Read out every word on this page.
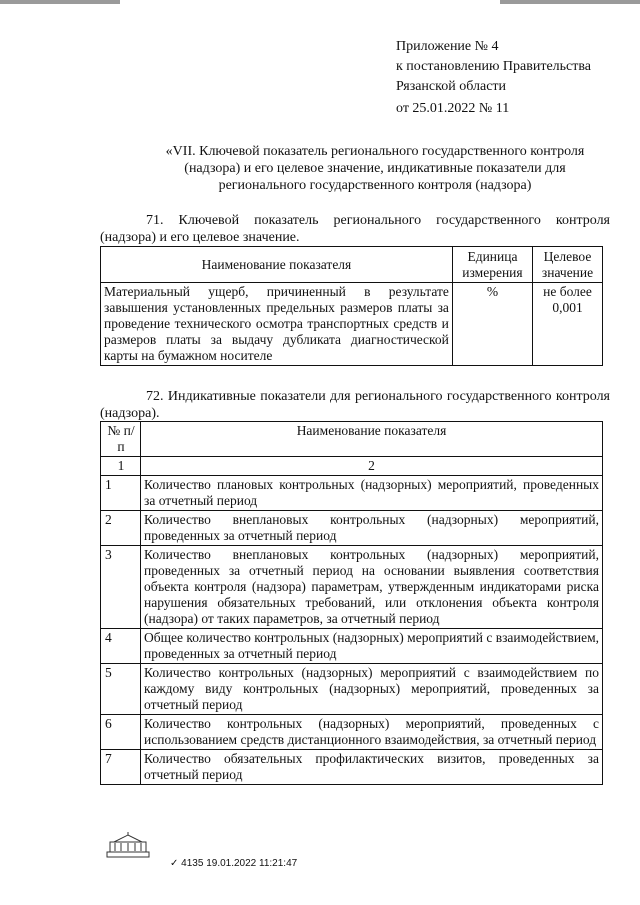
Приложение № 4
к постановлению Правительства
Рязанской области
от 25.01.2022 № 11
«VII. Ключевой показатель регионального государственного контроля (надзора) и его целевое значение, индикативные показатели для регионального государственного контроля (надзора)
71. Ключевой показатель регионального государственного контроля (надзора) и его целевое значение.
Наименование показателя	Единица измерения	Целевое значение
Материальный ущерб, причиненный в результате завышения установленных предельных размеров платы за проведение технического осмотра транспортных средств и размеров платы за выдачу дубликата диагностической карты на бумажном носителе	%	не более 0,001
72. Индикативные показатели для регионального государственного контроля (надзора).
№ п/п	Наименование показателя
1	2
1	Количество плановых контрольных (надзорных) мероприятий, проведенных за отчетный период
2	Количество внеплановых контрольных (надзорных) мероприятий, проведенных за отчетный период
3	Количество внеплановых контрольных (надзорных) мероприятий, проведенных за отчетный период на основании выявления соответствия объекта контроля (надзора) параметрам, утвержденным индикаторами риска нарушения обязательных требований, или отклонения объекта контроля (надзора) от таких параметров, за отчетный период
4	Общее количество контрольных (надзорных) мероприятий с взаимодействием, проведенных за отчетный период
5	Количество контрольных (надзорных) мероприятий с взаимодействием по каждому виду контрольных (надзорных) мероприятий, проведенных за отчетный период
6	Количество контрольных (надзорных) мероприятий, проведенных с использованием средств дистанционного взаимодействия, за отчетный период
7	Количество обязательных профилактических визитов, проведенных за отчетный период
✓ 4135 19.01.2022 11:21:47
